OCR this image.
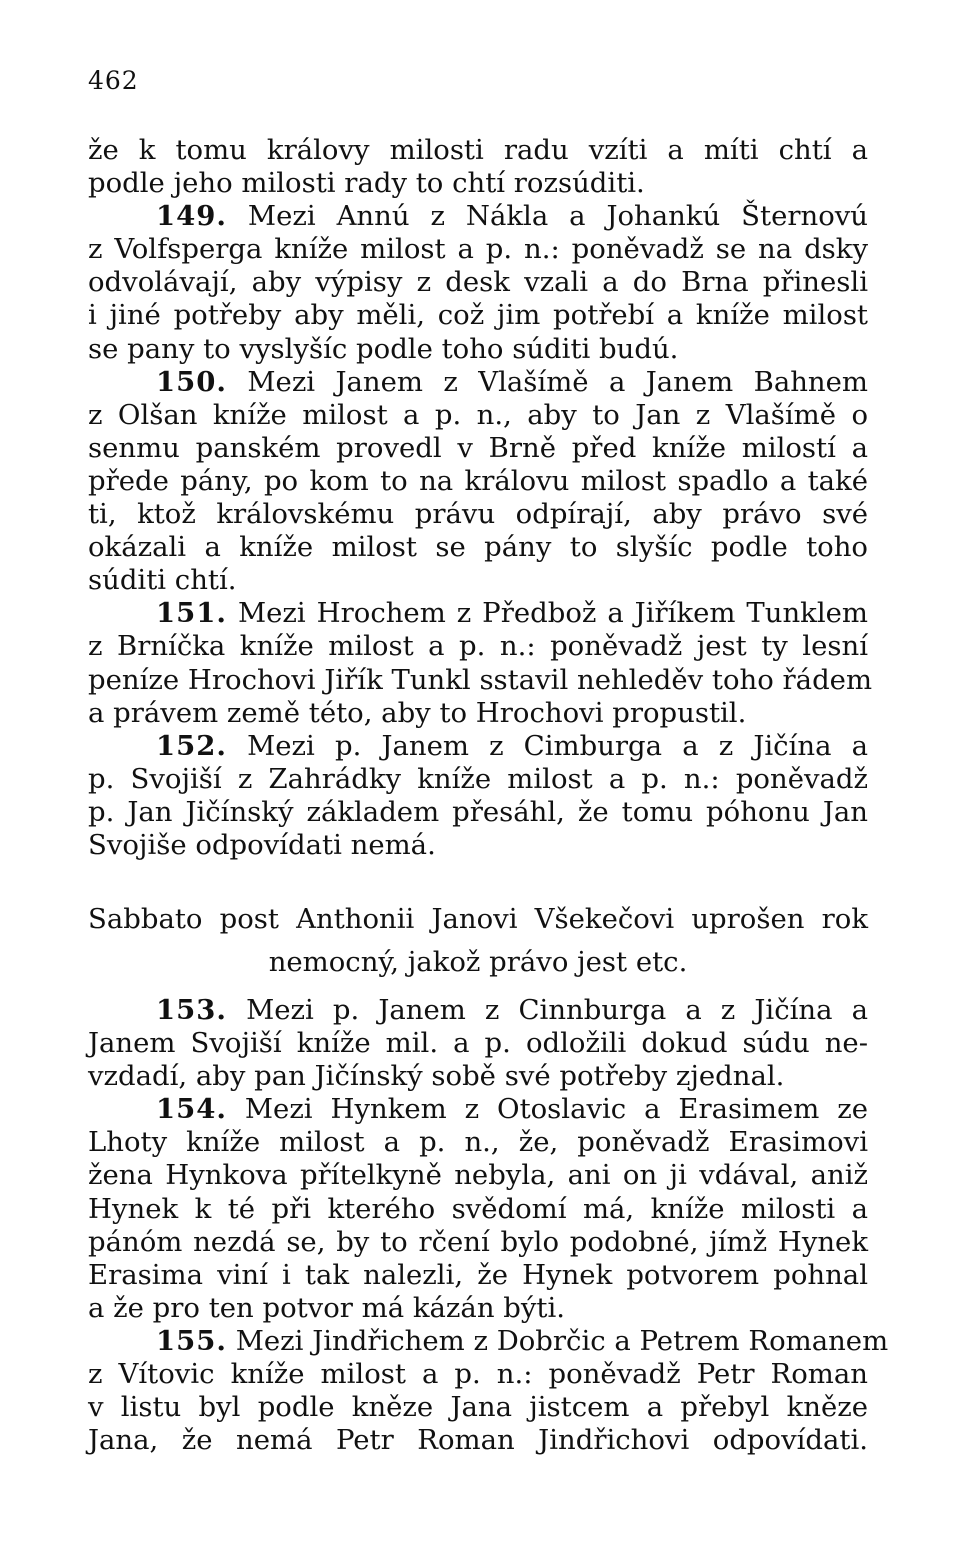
462
že k tomu královy milosti radu vzíti a míti chtí a
podle jeho milosti rady to chtí rozsúditi.
149. Mezi Annú z Nákla a Johankú Šternovú
z Volfsperga kníže milost a p. n.: poněvadž se na dsky
odvolávají, aby výpisy z desk vzali a do Brna přinesli
i jiné potřeby aby měli, což jim potřebí a kníže milost
se pany to vyslyšíc podle toho súditi budú.
150. Mezi Janem z Vlašímě a Janem Bahnem
z Olšan kníže milost a p. n., aby to Jan z Vlašímě o
senmu panském provedl v Brně před kníže milostí a
přede pány, po kom to na královu milost spadlo a také
ti, ktož královskému právu odpírají, aby právo své
okázali a kníže milost se pány to slyšíc podle toho
súditi chtí.
151. Mezi Hrochem z Předbož a Jiříkem Tunklem
z Brníčka kníže milost a p. n.: poněvadž jest ty lesní
peníze Hrochovi Jiřík Tunkl sstavil nehleděv toho řádem
a právem země této, aby to Hrochovi propustil.
152. Mezi p. Janem z Cimburga a z Jičína a
p. Svojiší z Zahrádky kníže milost a p. n.: poněvadž
p. Jan Jičínský základem přesáhl, že tomu póhonu Jan
Svojiše odpovídati nemá.
Sabbato post Anthonii Janovi Všekečovi uprošen rok
nemocný, jakož právo jest etc.
153. Mezi p. Janem z Cinnburga a z Jičína a
Janem Svojiší kníže mil. a p. odložili dokud súdu ne-
vzdadí, aby pan Jičínský sobě své potřeby zjednal.
154. Mezi Hynkem z Otoslavic a Erasimem ze
Lhoty kníže milost a p. n., že, poněvadž Erasimovi
žena Hynkova přítelkyně nebyla, ani on ji vdával, aniž
Hynek k té při kterého svědomí má, kníže milosti a
pánóm nezdá se, by to rčení bylo podobné, jímž Hynek
Erasima viní i tak nalezli, že Hynek potvorem pohnal
a že pro ten potvor má kázán býti.
155. Mezi Jindřichem z Dobrčic a Petrem Romanem
z Vítovic kníže milost a p. n.: poněvadž Petr Roman
v listu byl podle kněze Jana jistcem a přebyl kněze
Jana, že nemá Petr Roman Jindřichovi odpovídati.
